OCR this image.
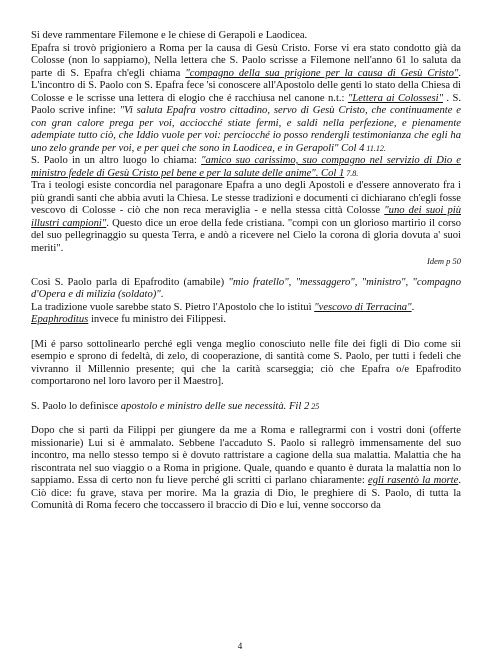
Si deve rammentare Filemone e le chiese di Gerapoli e Laodicea.

Epafra si trovò prigioniero a Roma per la causa di Gesù Cristo. Forse vi era stato condotto già da Colosse (non lo sappiamo), Nella lettera che S. Paolo scrisse a Filemone nell'anno 61 lo saluta da parte di S. Epafra ch'egli chiama "compagno della sua prigione per la causa di Gesù Cristo". L'incontro di S. Paolo con S. Epafra fece 'si conoscere all'Apostolo delle genti lo stato della Chiesa di Colosse e le scrisse una lettera di elogio che é racchiusa nel canone n.t.: "Lettera ai Colossesi" . S. Paolo scrive infine: "Vi saluta Epafra vostro cittadino, servo di Gesù Cristo, che continuamente e con gran calore prega per voi, acciocché stiate fermi, e saldi nella perfezione, e pienamente adempiate tutto ciò, che Iddio vuole per voi: perciocché io posso rendergli testimonianza che egli ha uno zelo grande per voi, e per quei che sono in Laodicea, e in Gerapoli" Col 4 11.12.

S. Paolo in un altro luogo lo chiama: "amico suo carissimo, suo compagno nel servizio di Dio e ministro fedele di Gesù Cristo pel bene e per la salute delle anime". Col 1 7.8.

Tra i teologi esiste concordia nel paragonare Epafra a uno degli Apostoli e d'essere annoverato fra i più grandi santi che abbia avuti la Chiesa. Le stesse tradizioni e documenti ci dichiarano ch'egli fosse vescovo di Colosse - ciò che non reca meraviglia - e nella stessa città Colosse "uno dei suoi più illustri campioni". Questo dice un eroe della fede cristiana. "compì con un glorioso martirio il corso del suo pellegrinaggio su questa Terra, e andò a ricevere nel Cielo la corona di gloria dovuta a' suoi meriti".
Idem p 50

Così S. Paolo parla di Epafrodito (amabile) "mio fratello", "messaggero", "ministro", "compagno d'Opera e di milizia (soldato)".

La tradizione vuole sarebbe stato S. Pietro l'Apostolo che lo istituì "vescovo di Terracina".

Epaphroditus invece fu ministro dei Filippesi.

[Mi é parso sottolinearlo perché egli venga meglio conosciuto nelle file dei figli di Dio come sii esempio e sprono di fedeltà, di zelo, di cooperazione, di santità come S. Paolo, per tutti i fedeli che vivranno il Millennio presente; qui che la carità scarseggia; ciò che Epafra o/e Epafrodito comportarono nel loro lavoro per il Maestro].

S. Paolo lo definisce apostolo e ministro delle sue necessità. Fil 2 25

Dopo che si partì da Filippi per giungere da me a Roma e rallegrarmi con i vostri doni (offerte missionarie) Lui si è ammalato. Sebbene l'accaduto S. Paolo si rallegrò immensamente del suo incontro, ma nello stesso tempo si è dovuto rattristare a cagione della sua malattia. Malattia che ha riscontrata nel suo viaggio o a Roma in prigione. Quale, quando e quanto è durata la malattia non lo sappiamo. Essa di certo non fu lieve perché gli scritti ci parlano chiaramente: egli rasentò la morte. Ciò dice: fu grave, stava per morire. Ma la grazia di Dio, le preghiere di S. Paolo, di tutta la Comunità di Roma fecero che toccassero il braccio di Dio e lui, venne soccorso da

4
